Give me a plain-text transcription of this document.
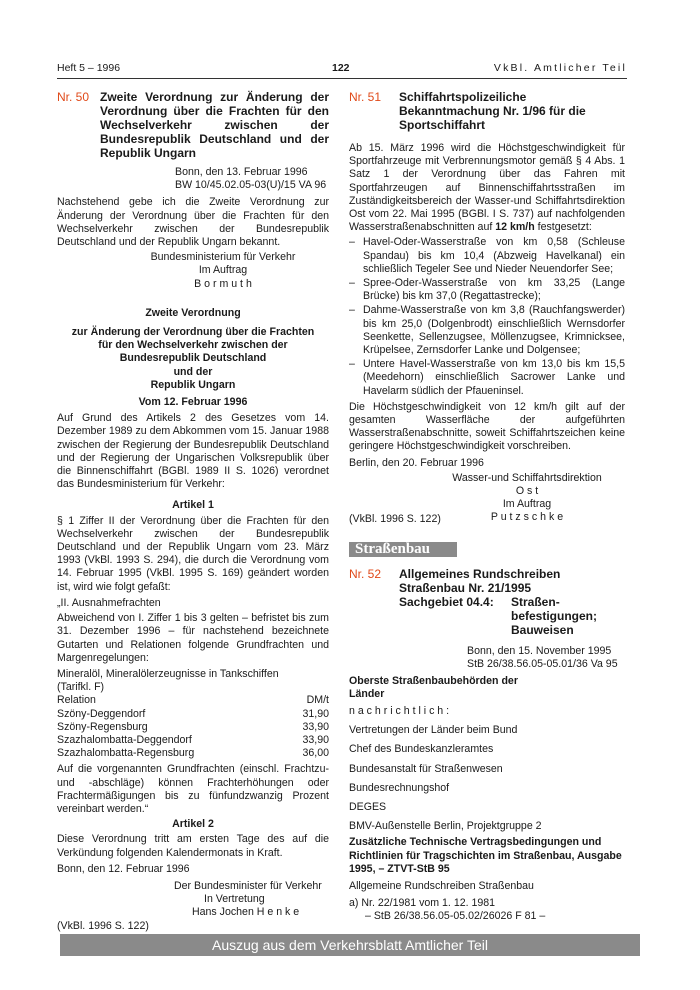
Heft 5 – 1996	122	VkBl. Amtlicher Teil
Nr. 50 Zweite Verordnung zur Änderung der Verordnung über die Frachten für den Wechselverkehr zwischen der Bundesrepublik Deutschland und der Republik Ungarn
Bonn, den 13. Februar 1996
BW 10/45.02.05-03(U)/15 VA 96

Nachstehend gebe ich die Zweite Verordnung zur Änderung der Verordnung über die Frachten für den Wechselverkehr zwischen der Bundesrepublik Deutschland und der Republik Ungarn bekannt.

Bundesministerium für Verkehr
Im Auftrag
B o r m u t h
Zweite Verordnung
zur Änderung der Verordnung über die Frachten
für den Wechselverkehr zwischen der
Bundesrepublik Deutschland
und der
Republik Ungarn
Vom 12. Februar 1996

Auf Grund des Artikels 2 des Gesetzes vom 14. Dezember 1989 zu dem Abkommen vom 15. Januar 1988 zwischen der Regierung der Bundesrepublik Deutschland und der Regierung der Ungarischen Volksrepublik über die Binnenschiffahrt (BGBl. 1989 II S. 1026) verordnet das Bundesministerium für Verkehr:

Artikel 1

§ 1 Ziffer II der Verordnung über die Frachten für den Wechselverkehr zwischen der Bundesrepublik Deutschland und der Republik Ungarn vom 23. März 1993 (VkBl. 1993 S. 294), die durch die Verordnung vom 14. Februar 1995 (VkBl. 1995 S. 169) geändert worden ist, wird wie folgt gefaßt:

„II. Ausnahmefrachten

Abweichend von I. Ziffer 1 bis 3 gelten – befristet bis zum 31. Dezember 1996 – für nachstehend bezeichnete Gutarten und Relationen folgende Grundfrachten und Margenregelungen:

Mineralöl, Mineralölerzeugnisse in Tankschiffen
(Tarifkl. F)

Relation	DM/t
Szöny-Deggendorf	31,90
Szöny-Regensburg	33,90
Szazhalombatta-Deggendorf	33,90
Szazhalombatta-Regensburg	36,00

Auf die vorgenannten Grundfrachten (einschl. Frachtzu- und -abschläge) können Frachterhöhungen oder Frachtermäßigungen bis zu fünfundzwanzig Prozent vereinbart werden.“

Artikel 2

Diese Verordnung tritt am ersten Tage des auf die Verkündung folgenden Kalendermonats in Kraft.

Bonn, den 12. Februar 1996

Der Bundesminister für Verkehr
In Vertretung
Hans Jochen H e n k e

(VkBl. 1996 S. 122)

Nr. 51	Schiffahrtspolizeiliche Bekanntmachung Nr. 1/96 für die Sportschiffahrt

Ab 15. März 1996 wird die Höchstgeschwindigkeit für Sportfahrzeuge mit Verbrennungsmotor gemäß § 4 Abs. 1 Satz 1 der Verordnung über das Fahren mit Sportfahrzeugen auf Binnenschiffahrtsstraßen im Zuständigkeitsbereich der Wasser-und Schiffahrtsdirektion Ost vom 22. Mai 1995 (BGBl. I S. 737) auf nachfolgenden Wasserstraßenabschnitten auf 12 km/h festgesetzt:

– Havel-Oder-Wasserstraße von km 0,58 (Schleuse Spandau) bis km 10,4 (Abzweig Havelkanal) ein schließlich Tegeler See und Nieder Neuendorfer See;
– Spree-Oder-Wasserstraße von km 33,25 (Lange Brücke) bis km 37,0 (Regattastrecke);
– Dahme-Wasserstraße von km 3,8 (Rauchfangswerder) bis km 25,0 (Dolgenbrodt) einschließlich Wernsdorfer Seenkette, Sellenzugsee, Möllenzugsee, Krimnicksee, Krüpelsee, Zernsdorfer Lanke und Dolgensee;
– Untere Havel-Wasserstraße von km 13,0 bis km 15,5 (Meedehorn) einschließlich Sacrower Lanke und Havelarm südlich der Pfaueninsel.

Die Höchstgeschwindigkeit von 12 km/h gilt auf der gesamten Wasserfläche der aufgeführten Wasserstraßenabschnitte, soweit Schiffahrtszeichen keine geringere Höchstgeschwindigkeit vorschreiben.

Berlin, den 20. Februar 1996

Wasser-und Schiffahrtsdirektion
O s t
Im Auftrag
P u t z s c h k e

(VkBl. 1996 S. 122)

Straßenbau
Nr. 52	Allgemeines Rundschreiben
Straßenbau Nr. 21/1995
Sachgebiet 04.4:	Straßenbefestigungen; Bauweisen
Bonn, den 15. November 1995
StB 26/38.56.05-05.01/36 Va 95

Oberste Straßenbaubehörden der Länder

n a c h r i c h t l i c h :

Vertretungen der Länder beim Bund

Chef des Bundeskanzleramtes

Bundesanstalt für Straßenwesen

Bundesrechnungshof

DEGES

BMV-Außenstelle Berlin, Projektgruppe 2

Zusätzliche Technische Vertragsbedingungen und Richtlinien für Tragschichten im Straßenbau, Ausgabe 1995, – ZTVT-StB 95

Allgemeine Rundschreiben Straßenbau

a) Nr. 22/1981 vom 1. 12. 1981

– StB 26/38.56.05-05.02/26026 F 81 –

Auszug aus dem Verkehrsblatt Amtlicher Teil
